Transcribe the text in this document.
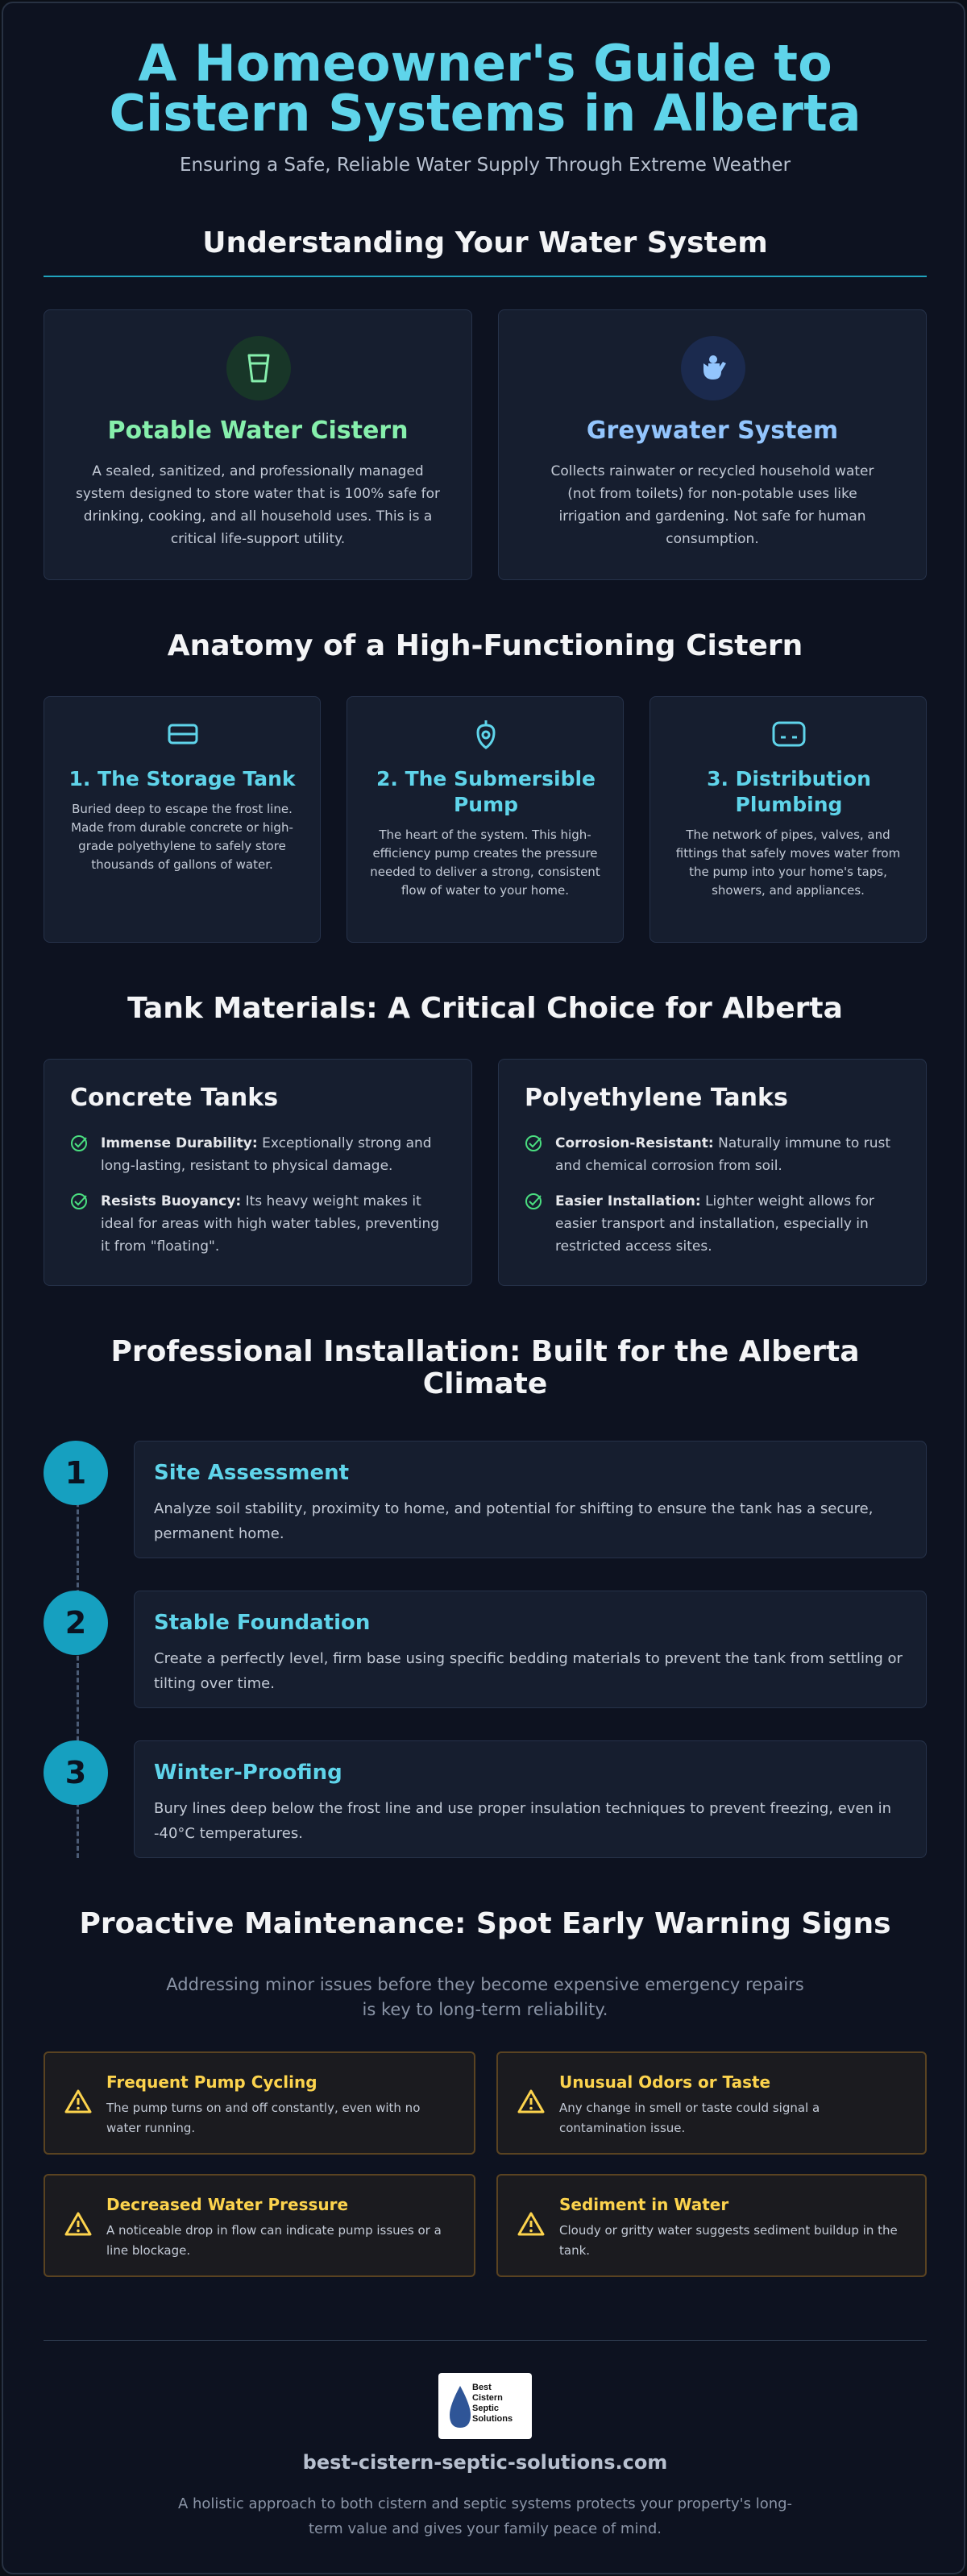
A Homeowner's Guide to
Cistern Systems in Alberta
Ensuring a Safe, Reliable Water Supply Through Extreme Weather
Understanding Your Water System
Potable Water Cistern
A sealed, sanitized, and professionally managed system designed to store water that is 100% safe for drinking, cooking, and all household uses. This is a critical life-support utility.
Greywater System
Collects rainwater or recycled household water (not from toilets) for non-potable uses like irrigation and gardening. Not safe for human consumption.
Anatomy of a High-Functioning Cistern
1. The Storage Tank
Buried deep to escape the frost line. Made from durable concrete or high-grade polyethylene to safely store thousands of gallons of water.
2. The Submersible Pump
The heart of the system. This high-efficiency pump creates the pressure needed to deliver a strong, consistent flow of water to your home.
3. Distribution Plumbing
The network of pipes, valves, and fittings that safely moves water from the pump into your home's taps, showers, and appliances.
Tank Materials: A Critical Choice for Alberta
Concrete Tanks
Immense Durability: Exceptionally strong and long-lasting, resistant to physical damage.
Resists Buoyancy: Its heavy weight makes it ideal for areas with high water tables, preventing it from "floating".
Polyethylene Tanks
Corrosion-Resistant: Naturally immune to rust and chemical corrosion from soil.
Easier Installation: Lighter weight allows for easier transport and installation, especially in restricted access sites.
Professional Installation: Built for the Alberta
Climate
1	Site Assessment
Analyze soil stability, proximity to home, and potential for shifting to ensure the tank has a secure, permanent home.
2	Stable Foundation
Create a perfectly level, firm base using specific bedding materials to prevent the tank from settling or tilting over time.
3	Winter-Proofing
Bury lines deep below the frost line and use proper insulation techniques to prevent freezing, even in -40°C temperatures.
Proactive Maintenance: Spot Early Warning Signs
Addressing minor issues before they become expensive emergency repairs
is key to long-term reliability.
Frequent Pump Cycling
The pump turns on and off constantly, even with no water running.
Unusual Odors or Taste
Any change in smell or taste could signal a contamination issue.
Decreased Water Pressure
A noticeable drop in flow can indicate pump issues or a line blockage.
Sediment in Water
Cloudy or gritty water suggests sediment buildup in the tank.
Best
Cistern
Septic
Solutions
best-cistern-septic-solutions.com
A holistic approach to both cistern and septic systems protects your property's long-
term value and gives your family peace of mind.
